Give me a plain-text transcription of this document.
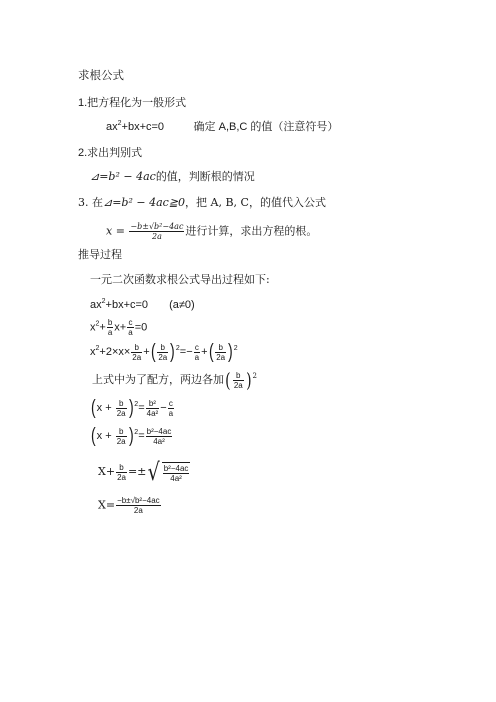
求根公式
1.把方程化为一般形式
$ax^2+bx+c=0$	确定 A,B,C 的值（注意符号）
2.求出判别式
⊿=b² − 4ac的值，判断根的情况
3. 在⊿=b² − 4ac≧0，把 A, B, C，的值代入公式
$x = \frac{\text{−b±√b²−4ac}}{2a}$ 进行计算，求出方程的根。
推导过程
一元二次函数求根公式导出过程如下:
$ax^2+bx+c=0$ (a≠0)
$x^2+ \frac{b}{a} x+ \frac{c}{a} =0$
$x^2+2\times x\times \frac{b}{2a}$ +( $\frac{b}{2a} )^2=- \frac{c}{a}$ +( $\frac{b}{2a} )^2$
上式中为了配方，两边各加( $\frac{b}{2a} )^2$
$(x + \frac{b}{2a} )^2= \frac{\text{b²}}{\text{4a²}} - \frac{c}{a}$
$(x + \frac{b}{2a} )^2= \frac{\text{b²−4ac}}{\text{4a²}}$
$X+ \frac{b}{2a}$ =±√ $\frac{\text{b²−4ac}}{\text{4a²}}$
$X= \frac{\text{−b±√b²−4ac}}{2a}$
